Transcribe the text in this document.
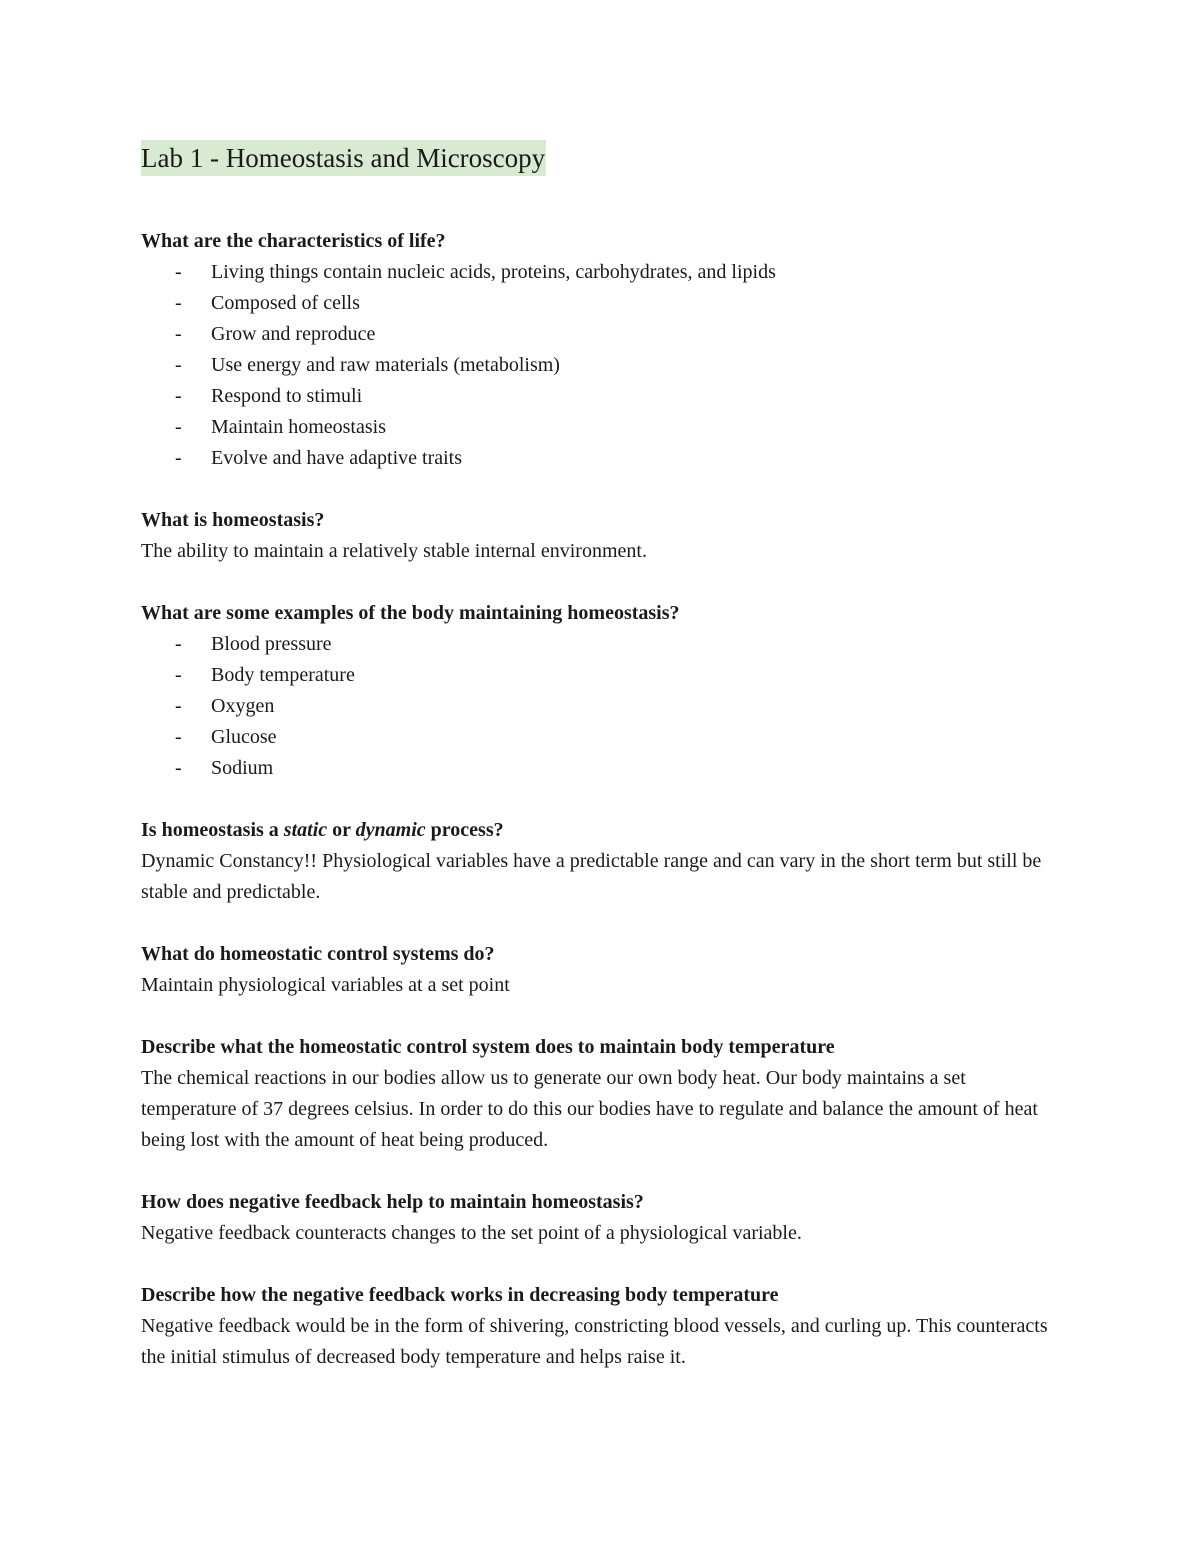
Lab 1 - Homeostasis and Microscopy

What are the characteristics of life?

- Living things contain nucleic acids, proteins, carbohydrates, and lipids
- Composed of cells
- Grow and reproduce
- Use energy and raw materials (metabolism)
- Respond to stimuli
- Maintain homeostasis
- Evolve and have adaptive traits

What is homeostasis?

The ability to maintain a relatively stable internal environment.

What are some examples of the body maintaining homeostasis?

- Blood pressure
- Body temperature
- Oxygen
- Glucose
- Sodium

Is homeostasis a static or dynamic process?

Dynamic Constancy!! Physiological variables have a predictable range and can vary in the short term but still be stable and predictable.

What do homeostatic control systems do?

Maintain physiological variables at a set point

Describe what the homeostatic control system does to maintain body temperature

The chemical reactions in our bodies allow us to generate our own body heat. Our body maintains a set temperature of 37 degrees celsius. In order to do this our bodies have to regulate and balance the amount of heat being lost with the amount of heat being produced.

How does negative feedback help to maintain homeostasis?

Negative feedback counteracts changes to the set point of a physiological variable.

Describe how the negative feedback works in decreasing body temperature

Negative feedback would be in the form of shivering, constricting blood vessels, and curling up. This counteracts the initial stimulus of decreased body temperature and helps raise it.
